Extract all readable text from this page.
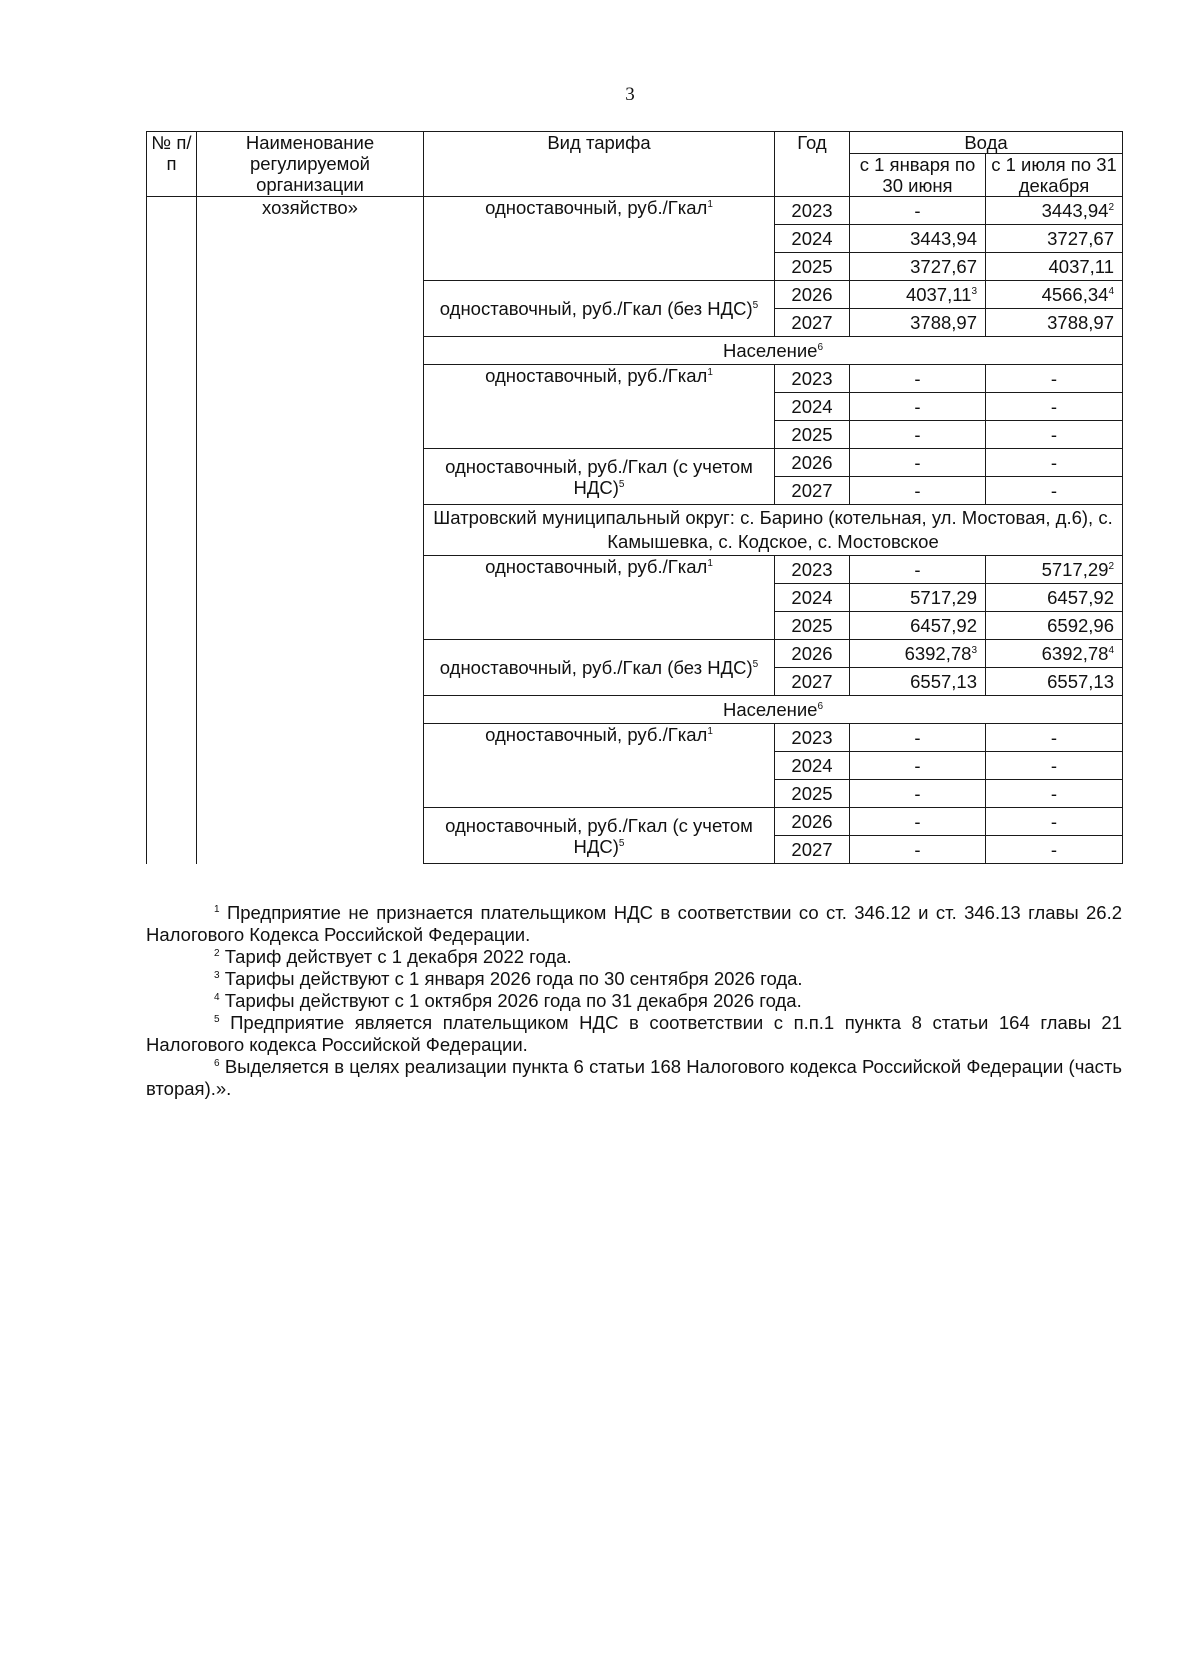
3
№ п/п	Наименование регулируемой организации	Вид тарифа	Год	Вода	
				с 1 января по 30 июня	с 1 июля по 31 декабря
	хозяйство»	одноставочный, руб./Гкал$^1$	2023	-	3443,94$^2$
			2024	3443,94	3727,67
			2025	3727,67	4037,11
		одноставочный, руб./Гкал (без НДС)$^5$	2026	4037,11$^3$	4566,34$^4$
			2027	3788,97	3788,97
		Население$^6$
		одноставочный, руб./Гкал$^1$	2023	-	-
			2024	-	-
			2025	-	-
		одноставочный, руб./Гкал (с учетом НДС)$^5$	2026	-	-
			2027	-	-
		Шатровский муниципальный округ: с. Барино (котельная, ул. Мостовая, д.6), с. Камышевка, с. Кодское, с. Мостовское			
		одноставочный, руб./Гкал$^1$	2023	-	5717,29$^2$
			2024	5717,29	6457,92
			2025	6457,92	6592,96
		одноставочный, руб./Гкал (без НДС)$^5$	2026	6392,78$^3$	6392,78$^4$
			2027	6557,13	6557,13
		Население$^6$
		одноставочный, руб./Гкал$^1$	2023	-	-
			2024	-	-
			2025	-	-
		одноставочный, руб./Гкал (с учетом НДС)$^5$	2026	-	-
			2027	-	-

$^1$ Предприятие не признается плательщиком НДС в соответствии со ст. 346.12 и ст. 346.13 главы 26.2 Налогового Кодекса Российской Федерации.

$^2$ Тариф действует с 1 декабря 2022 года.

$^3$ Тарифы действуют с 1 января 2026 года по 30 сентября 2026 года.

$^4$ Тарифы действуют с 1 октября 2026 года по 31 декабря 2026 года.

$^5$ Предприятие является плательщиком НДС в соответствии с п.п.1 пункта 8 статьи 164 главы 21 Налогового кодекса Российской Федерации.

$^6$ Выделяется в целях реализации пункта 6 статьи 168 Налогового кодекса Российской Федерации (часть вторая).».
